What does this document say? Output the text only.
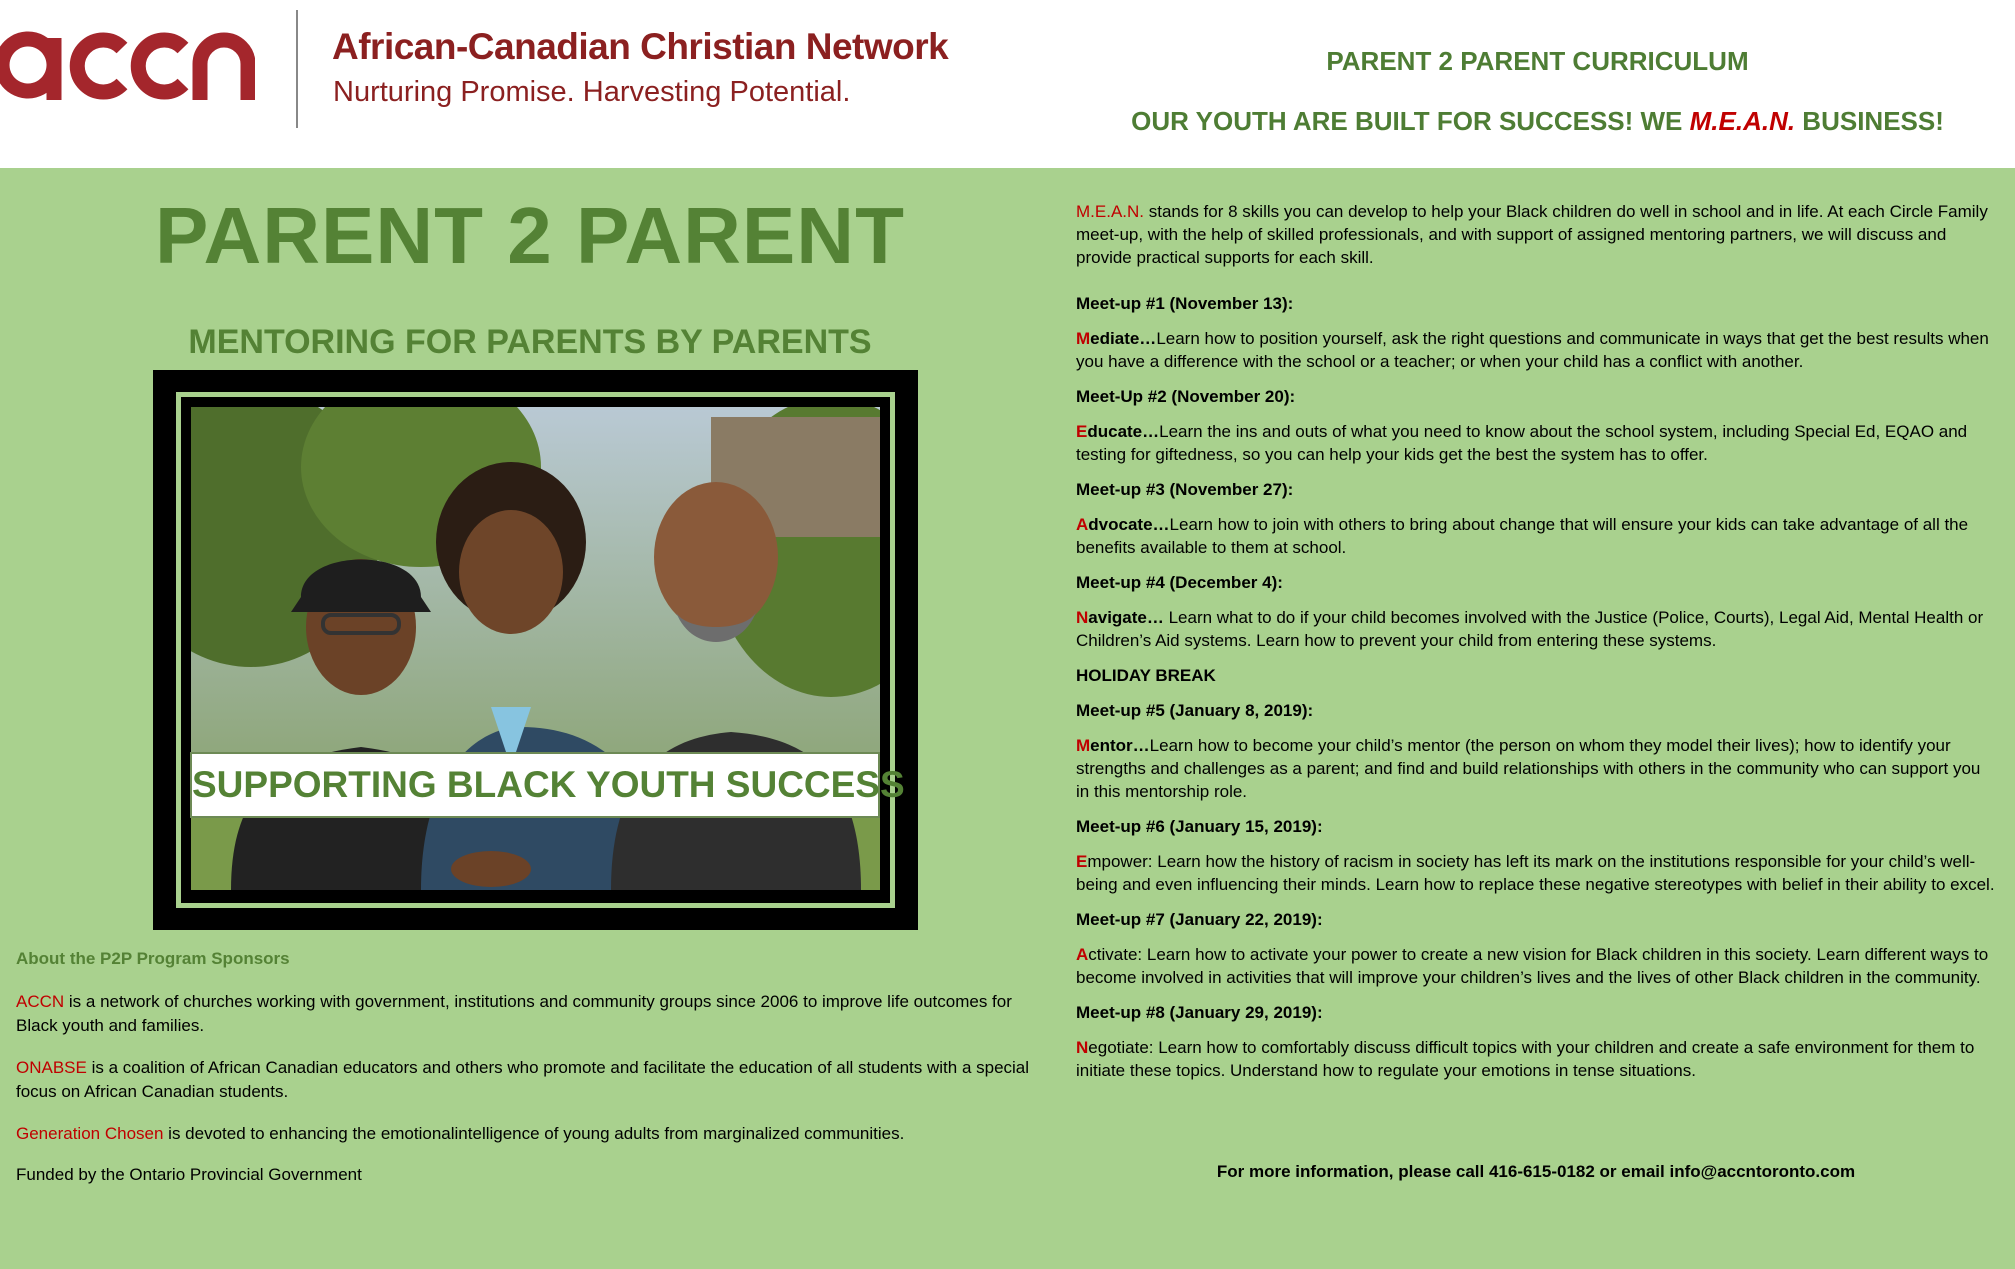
African-Canadian Christian Network
Nurturing Promise. Harvesting Potential.
PARENT 2 PARENT CURRICULUM
OUR YOUTH ARE BUILT FOR SUCCESS! WE M.E.A.N. BUSINESS!
PARENT 2 PARENT
MENTORING FOR PARENTS BY PARENTS
SUPPORTING BLACK YOUTH SUCCESS
About the P2P Program Sponsors
ACCN is a network of churches working with government, institutions and community groups since 2006 to improve life outcomes for Black youth and families.
ONABSE is a coalition of African Canadian educators and others who promote and facilitate the education of all students with a special focus on African Canadian students.
Generation Chosen is devoted to enhancing the emotionalintelligence of young adults from marginalized communities.
Funded by the Ontario Provincial Government

M.E.A.N. stands for 8 skills you can develop to help your Black children do well in school and in life. At each Circle Family meet-up, with the help of skilled professionals, and with support of assigned mentoring partners, we will discuss and provide practical supports for each skill.

Meet-up #1 (November 13):

Mediate…Learn how to position yourself, ask the right questions and communicate in ways that get the best results when you have a difference with the school or a teacher; or when your child has a conflict with another.

Meet-Up #2 (November 20):

Educate…Learn the ins and outs of what you need to know about the school system, including Special Ed, EQAO and testing for giftedness, so you can help your kids get the best the system has to offer.

Meet-up #3 (November 27):

Advocate…Learn how to join with others to bring about change that will ensure your kids can take advantage of all the benefits available to them at school.

Meet-up #4 (December 4):

Navigate… Learn what to do if your child becomes involved with the Justice (Police, Courts), Legal Aid, Mental Health or Children’s Aid systems. Learn how to prevent your child from entering these systems.

HOLIDAY BREAK

Meet-up #5 (January 8, 2019):

Mentor…Learn how to become your child’s mentor (the person on whom they model their lives); how to identify your strengths and challenges as a parent; and find and build relationships with others in the community who can support you in this mentorship role.

Meet-up #6 (January 15, 2019):

Empower: Learn how the history of racism in society has left its mark on the institutions responsible for your child’s well-being and even influencing their minds. Learn how to replace these negative stereotypes with belief in their ability to excel.

Meet-up #7 (January 22, 2019):

Activate: Learn how to activate your power to create a new vision for Black children in this society. Learn different ways to become involved in activities that will improve your children’s lives and the lives of other Black children in the community.

Meet-up #8 (January 29, 2019):

Negotiate: Learn how to comfortably discuss difficult topics with your children and create a safe environment for them to initiate these topics. Understand how to regulate your emotions in tense situations.

For more information, please call 416-615-0182 or email info@accntoronto.com
